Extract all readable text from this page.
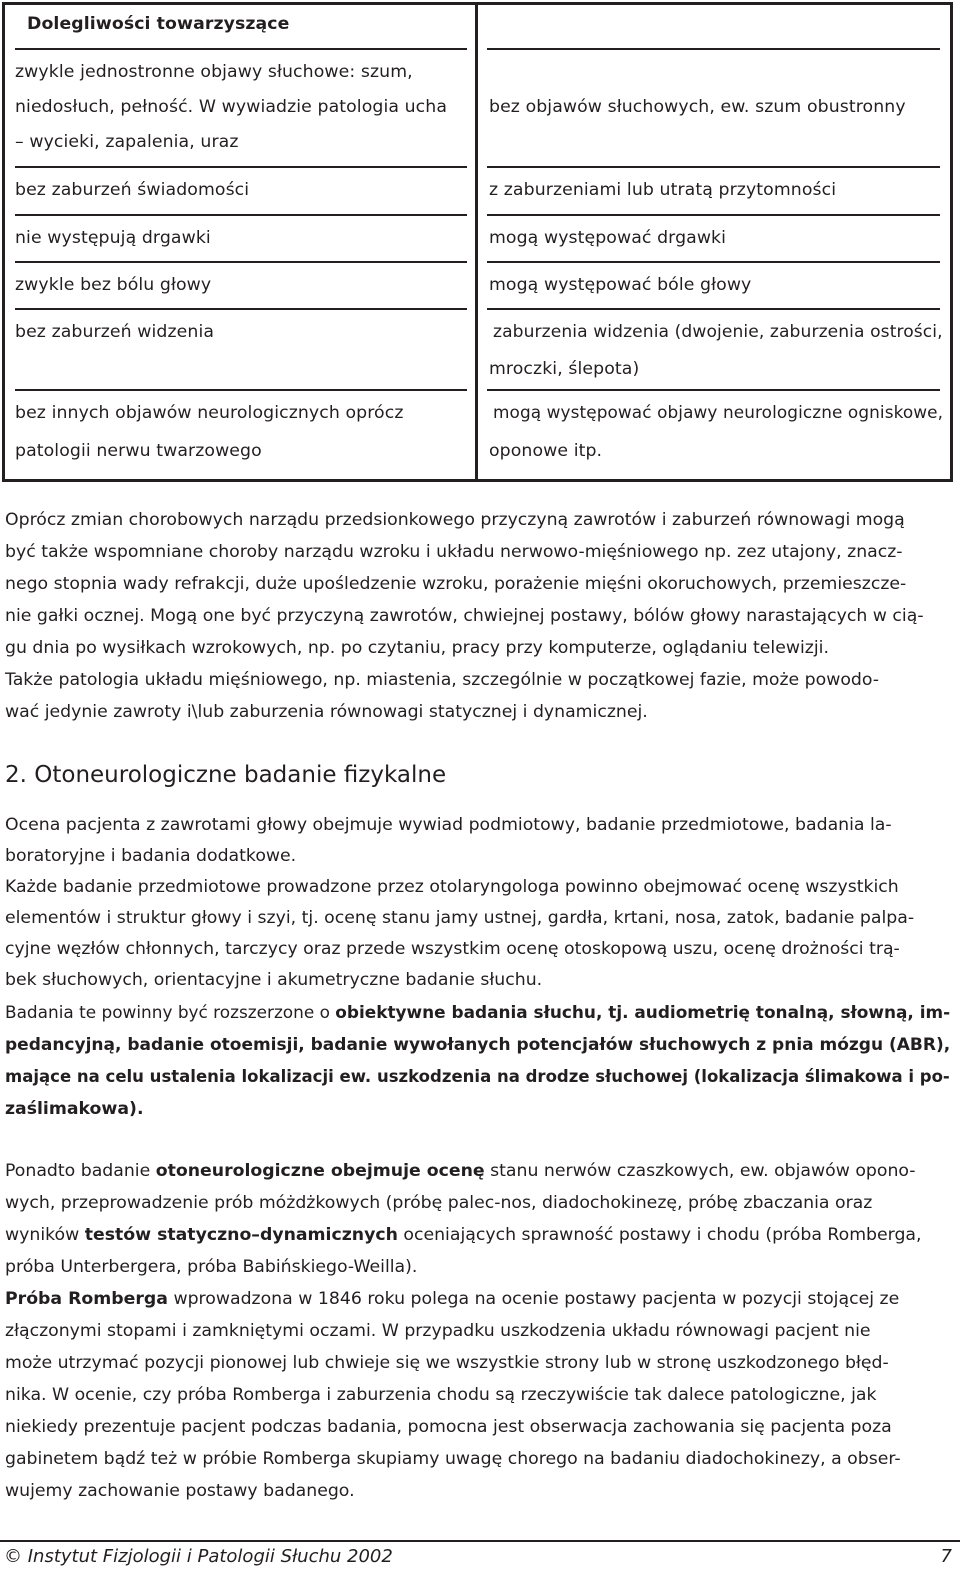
Dolegliwości towarzyszące
zwykle jednostronne objawy słuchowe: szum,
niedosłuch, pełność. W wywiadzie patologia ucha
– wycieki, zapalenia, uraz
bez zaburzeń świadomości
nie występują drgawki
zwykle bez bólu głowy
bez zaburzeń widzenia
bez innych objawów neurologicznych oprócz
patologii nerwu twarzowego
bez objawów słuchowych, ew. szum obustronny
z zaburzeniami lub utratą przytomności
mogą występować drgawki
mogą występować bóle głowy
zaburzenia widzenia (dwojenie, zaburzenia ostrości,
mroczki, ślepota)
mogą występować objawy neurologiczne ogniskowe,
oponowe itp.
Oprócz zmian chorobowych narządu przedsionkowego przyczyną zawrotów i zaburzeń równowagi mogą
być także wspomniane choroby narządu wzroku i układu nerwowo-mięśniowego np. zez utajony, znacz-
nego stopnia wady refrakcji, duże upośledzenie wzroku, porażenie mięśni okoruchowych, przemieszcze-
nie gałki ocznej. Mogą one być przyczyną zawrotów, chwiejnej postawy, bólów głowy narastających w cią-
gu dnia po wysiłkach wzrokowych, np. po czytaniu, pracy przy komputerze, oglądaniu telewizji.
Także patologia układu mięśniowego, np. miastenia, szczególnie w początkowej fazie, może powodo-
wać jedynie zawroty i\lub zaburzenia równowagi statycznej i dynamicznej.
2. Otoneurologiczne badanie fizykalne
Ocena pacjenta z zawrotami głowy obejmuje wywiad podmiotowy, badanie przedmiotowe, badania la-
boratoryjne i badania dodatkowe.
Każde badanie przedmiotowe prowadzone przez otolaryngologa powinno obejmować ocenę wszystkich
elementów i struktur głowy i szyi, tj. ocenę stanu jamy ustnej, gardła, krtani, nosa, zatok, badanie palpa-
cyjne węzłów chłonnych, tarczycy oraz przede wszystkim ocenę otoskopową uszu, ocenę drożności trą-
bek słuchowych, orientacyjne i akumetryczne badanie słuchu.
Badania te powinny być rozszerzone o obiektywne badania słuchu, tj. audiometrię tonalną, słowną, im-
pedancyjną, badanie otoemisji, badanie wywołanych potencjałów słuchowych z pnia mózgu (ABR),
mające na celu ustalenia lokalizacji ew. uszkodzenia na drodze słuchowej (lokalizacja ślimakowa i po-
zaślimakowa).
Ponadto badanie otoneurologiczne obejmuje ocenę stanu nerwów czaszkowych, ew. objawów opono-
wych, przeprowadzenie prób móżdżkowych (próbę palec-nos, diadochokinezę, próbę zbaczania oraz
wyników testów statyczno–dynamicznych oceniających sprawność postawy i chodu (próba Romberga,
próba Unterbergera, próba Babińskiego-Weilla).
Próba Romberga wprowadzona w 1846 roku polega na ocenie postawy pacjenta w pozycji stojącej ze
złączonymi stopami i zamkniętymi oczami. W przypadku uszkodzenia układu równowagi pacjent nie
może utrzymać pozycji pionowej lub chwieje się we wszystkie strony lub w stronę uszkodzonego błęd-
nika. W ocenie, czy próba Romberga i zaburzenia chodu są rzeczywiście tak dalece patologiczne, jak
niekiedy prezentuje pacjent podczas badania, pomocna jest obserwacja zachowania się pacjenta poza
gabinetem bądź też w próbie Romberga skupiamy uwagę chorego na badaniu diadochokinezy, a obser-
wujemy zachowanie postawy badanego.
© Instytut Fizjologii i Patologii Słuchu 2002	7
